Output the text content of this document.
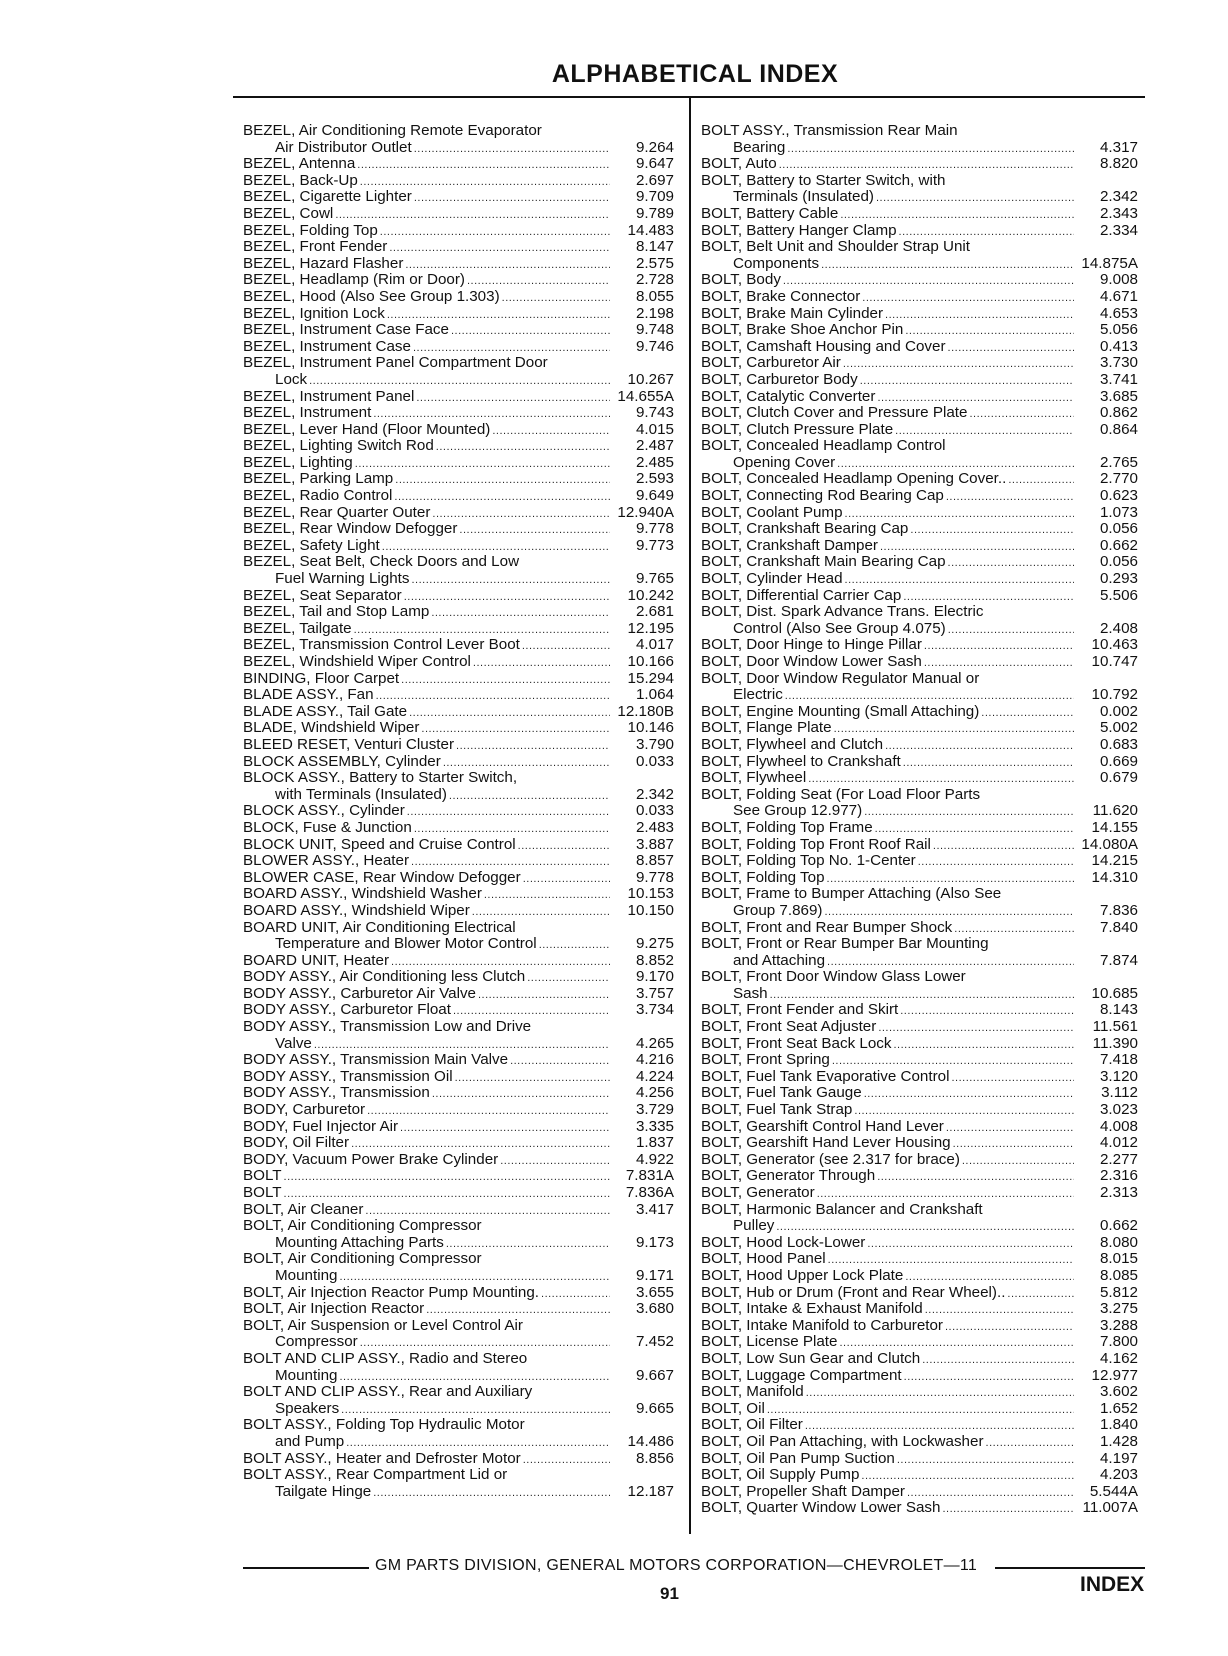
ALPHABETICAL INDEX
BEZEL, Air Conditioning Remote Evaporator
Air Distributor Outlet .....	9.264
BEZEL, Antenna .....	9.647
BEZEL, Back-Up .....	2.697
BEZEL, Cigarette Lighter .....	9.709
BEZEL, Cowl .....	9.789
BEZEL, Folding Top .....	14.483
BEZEL, Front Fender .....	8.147
BEZEL, Hazard Flasher .....	2.575
BEZEL, Headlamp (Rim or Door) .....	2.728
BEZEL, Hood (Also See Group 1.303) .....	8.055
BEZEL, Ignition Lock .....	2.198
BEZEL, Instrument Case Face .....	9.748
BEZEL, Instrument Case .....	9.746
BEZEL, Instrument Panel Compartment Door
Lock .....	10.267
BEZEL, Instrument Panel .....	14.655A
BEZEL, Instrument .....	9.743
BEZEL, Lever Hand (Floor Mounted) .....	4.015
BEZEL, Lighting Switch Rod .....	2.487
BEZEL, Lighting .....	2.485
BEZEL, Parking Lamp .....	2.593
BEZEL, Radio Control .....	9.649
BEZEL, Rear Quarter Outer .....	12.940A
BEZEL, Rear Window Defogger .....	9.778
BEZEL, Safety Light .....	9.773
BEZEL, Seat Belt, Check Doors and Low
Fuel Warning Lights .....	9.765
BEZEL, Seat Separator .....	10.242
BEZEL, Tail and Stop Lamp .....	2.681
BEZEL, Tailgate .....	12.195
BEZEL, Transmission Control Lever Boot .....	4.017
BEZEL, Windshield Wiper Control .....	10.166
BINDING, Floor Carpet .....	15.294
BLADE ASSY., Fan .....	1.064
BLADE ASSY., Tail Gate .....	12.180B
BLADE, Windshield Wiper .....	10.146
BLEED RESET, Venturi Cluster .....	3.790
BLOCK ASSEMBLY, Cylinder .....	0.033
BLOCK ASSY., Battery to Starter Switch,
with Terminals (Insulated) .....	2.342
BLOCK ASSY., Cylinder .....	0.033
BLOCK, Fuse & Junction .....	2.483
BLOCK UNIT, Speed and Cruise Control .....	3.887
BLOWER ASSY., Heater .....	8.857
BLOWER CASE, Rear Window Defogger .....	9.778
BOARD ASSY., Windshield Washer .....	10.153
BOARD ASSY., Windshield Wiper .....	10.150
BOARD UNIT, Air Conditioning Electrical
Temperature and Blower Motor Control .....	9.275
BOARD UNIT, Heater .....	8.852
BODY ASSY., Air Conditioning less Clutch .....	9.170
BODY ASSY., Carburetor Air Valve .....	3.757
BODY ASSY., Carburetor Float .....	3.734
BODY ASSY., Transmission Low and Drive
Valve .....	4.265
BODY ASSY., Transmission Main Valve .....	4.216
BODY ASSY., Transmission Oil .....	4.224
BODY ASSY., Transmission .....	4.256
BODY, Carburetor .....	3.729
BODY, Fuel Injector Air .....	3.335
BODY, Oil Filter .....	1.837
BODY, Vacuum Power Brake Cylinder .....	4.922
BOLT .....	7.831A
BOLT .....	7.836A
BOLT, Air Cleaner .....	3.417
BOLT, Air Conditioning Compressor
Mounting Attaching Parts .....	9.173
BOLT, Air Conditioning Compressor
Mounting .....	9.171
BOLT, Air Injection Reactor Pump Mounting. .....	3.655
BOLT, Air Injection Reactor .....	3.680
BOLT, Air Suspension or Level Control Air
Compressor .....	7.452
BOLT AND CLIP ASSY., Radio and Stereo
Mounting .....	9.667
BOLT AND CLIP ASSY., Rear and Auxiliary
Speakers .....	9.665
BOLT ASSY., Folding Top Hydraulic Motor
and Pump .....	14.486
BOLT ASSY., Heater and Defroster Motor .....	8.856
BOLT ASSY., Rear Compartment Lid or
Tailgate Hinge .....	12.187
BOLT ASSY., Transmission Rear Main
Bearing .....	4.317
BOLT, Auto .....	8.820
BOLT, Battery to Starter Switch, with
Terminals (Insulated) .....	2.342
BOLT, Battery Cable .....	2.343
BOLT, Battery Hanger Clamp .....	2.334
BOLT, Belt Unit and Shoulder Strap Unit
Components .....	14.875A
BOLT, Body .....	9.008
BOLT, Brake Connector .....	4.671
BOLT, Brake Main Cylinder .....	4.653
BOLT, Brake Shoe Anchor Pin .....	5.056
BOLT, Camshaft Housing and Cover .....	0.413
BOLT, Carburetor Air .....	3.730
BOLT, Carburetor Body .....	3.741
BOLT, Catalytic Converter .....	3.685
BOLT, Clutch Cover and Pressure Plate .....	0.862
BOLT, Clutch Pressure Plate .....	0.864
BOLT, Concealed Headlamp Control
Opening Cover .....	2.765
BOLT, Concealed Headlamp Opening Cover.. .....	2.770
BOLT, Connecting Rod Bearing Cap .....	0.623
BOLT, Coolant Pump .....	1.073
BOLT, Crankshaft Bearing Cap .....	0.056
BOLT, Crankshaft Damper .....	0.662
BOLT, Crankshaft Main Bearing Cap .....	0.056
BOLT, Cylinder Head .....	0.293
BOLT, Differential Carrier Cap .....	5.506
BOLT, Dist. Spark Advance Trans. Electric
Control (Also See Group 4.075) .....	2.408
BOLT, Door Hinge to Hinge Pillar .....	10.463
BOLT, Door Window Lower Sash .....	10.747
BOLT, Door Window Regulator Manual or
Electric .....	10.792
BOLT, Engine Mounting (Small Attaching) .....	0.002
BOLT, Flange Plate .....	5.002
BOLT, Flywheel and Clutch .....	0.683
BOLT, Flywheel to Crankshaft .....	0.669
BOLT, Flywheel .....	0.679
BOLT, Folding Seat (For Load Floor Parts
See Group 12.977) .....	11.620
BOLT, Folding Top Frame .....	14.155
BOLT, Folding Top Front Roof Rail .....	14.080A
BOLT, Folding Top No. 1-Center .....	14.215
BOLT, Folding Top .....	14.310
BOLT, Frame to Bumper Attaching (Also See
Group 7.869) .....	7.836
BOLT, Front and Rear Bumper Shock .....	7.840
BOLT, Front or Rear Bumper Bar Mounting
and Attaching .....	7.874
BOLT, Front Door Window Glass Lower
Sash .....	10.685
BOLT, Front Fender and Skirt .....	8.143
BOLT, Front Seat Adjuster .....	11.561
BOLT, Front Seat Back Lock .....	11.390
BOLT, Front Spring .....	7.418
BOLT, Fuel Tank Evaporative Control .....	3.120
BOLT, Fuel Tank Gauge .....	3.112
BOLT, Fuel Tank Strap .....	3.023
BOLT, Gearshift Control Hand Lever .....	4.008
BOLT, Gearshift Hand Lever Housing .....	4.012
BOLT, Generator (see 2.317 for brace) .....	2.277
BOLT, Generator Through .....	2.316
BOLT, Generator .....	2.313
BOLT, Harmonic Balancer and Crankshaft
Pulley .....	0.662
BOLT, Hood Lock-Lower .....	8.080
BOLT, Hood Panel .....	8.015
BOLT, Hood Upper Lock Plate .....	8.085
BOLT, Hub or Drum (Front and Rear Wheel).. .....	5.812
BOLT, Intake & Exhaust Manifold .....	3.275
BOLT, Intake Manifold to Carburetor .....	3.288
BOLT, License Plate .....	7.800
BOLT, Low Sun Gear and Clutch .....	4.162
BOLT, Luggage Compartment .....	12.977
BOLT, Manifold .....	3.602
BOLT, Oil .....	1.652
BOLT, Oil Filter .....	1.840
BOLT, Oil Pan Attaching, with Lockwasher .....	1.428
BOLT, Oil Pan Pump Suction .....	4.197
BOLT, Oil Supply Pump .....	4.203
BOLT, Propeller Shaft Damper .....	5.544A
BOLT, Quarter Window Lower Sash .....	11.007A
GM PARTS DIVISION, GENERAL MOTORS CORPORATION—CHEVROLET—11
91	INDEX
